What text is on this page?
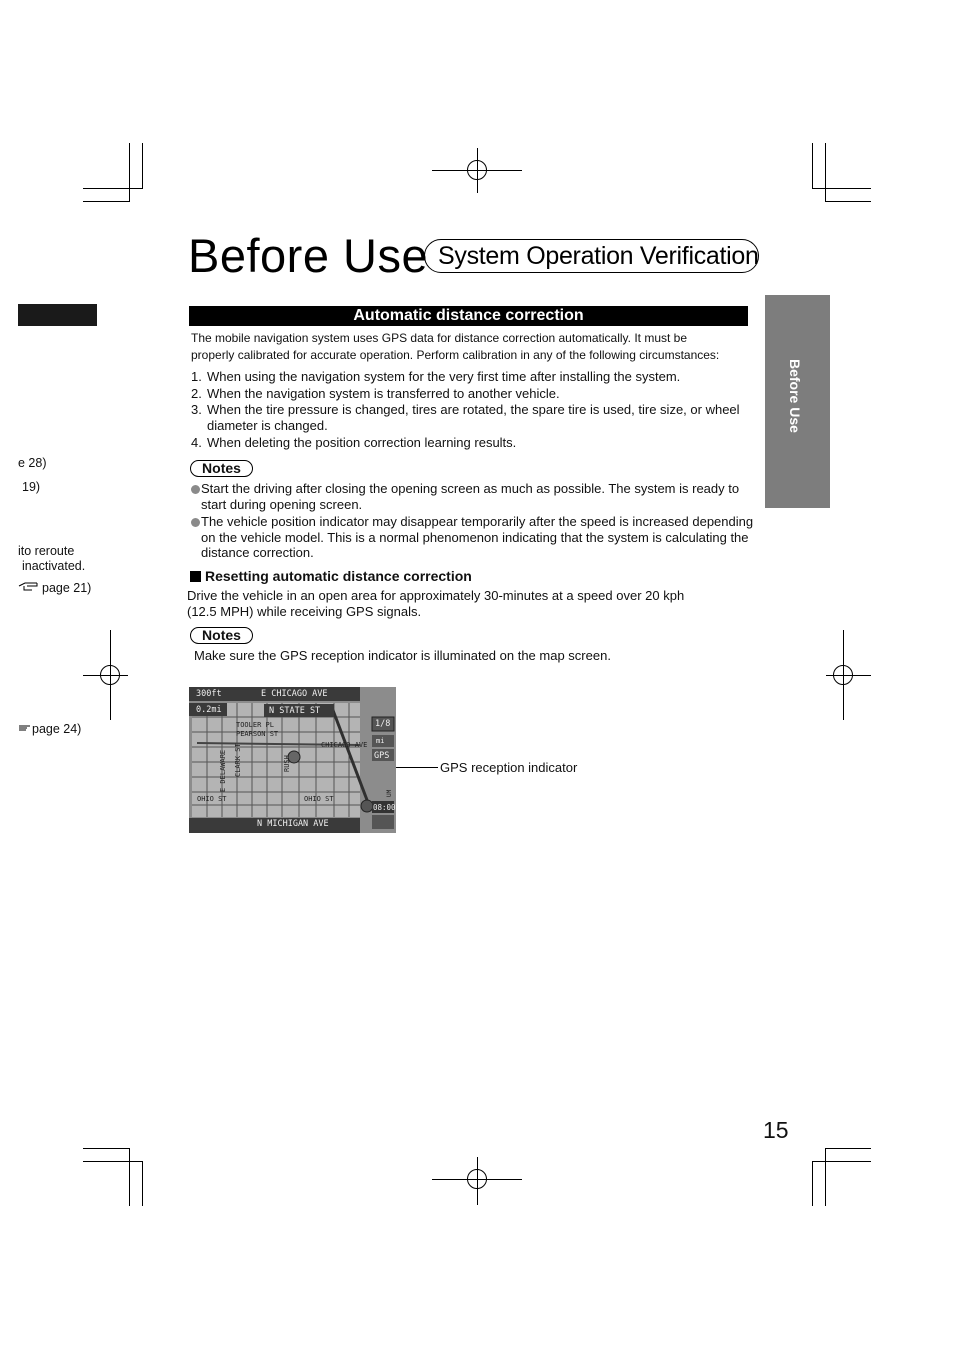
e 28)
19)
ito reroute
inactivated.
page 21)
page 24)
Before Use System Operation Verification
Before Use
Automatic distance correction
The mobile navigation system uses GPS data for distance correction automatically. It must be
properly calibrated for accurate operation. Perform calibration in any of the following circumstances:
1. When using the navigation system for the very first time after installing the system.
2. When the navigation system is transferred to another vehicle.
3. When the tire pressure is changed, tires are rotated, the spare tire is used, tire size, or wheel diameter is changed.
4. When deleting the position correction learning results.
Notes
Start the driving after closing the opening screen as much as possible. The system is ready to start during opening screen.
The vehicle position indicator may disappear temporarily after the speed is increased depending on the vehicle model. This is a normal phenomenon indicating that the system is calculating the distance correction.
Resetting automatic distance correction
Drive the vehicle in an open area for approximately 30-minutes at a speed over 20 kph
(12.5 MPH) while receiving GPS signals.
Notes
Make sure the GPS reception indicator is illuminated on the map screen.
300ft	E CHICAGO AVE
0.2mi	N STATE ST
TOOLER PL
PEARSON ST
CHICAGO AVE
E DELAWARE CLARK ST
OHIO ST	OHIO ST
RUSH
UM
N MICHIGAN AVE
1/8
mi
GPS
08:00
GPS reception indicator
15
